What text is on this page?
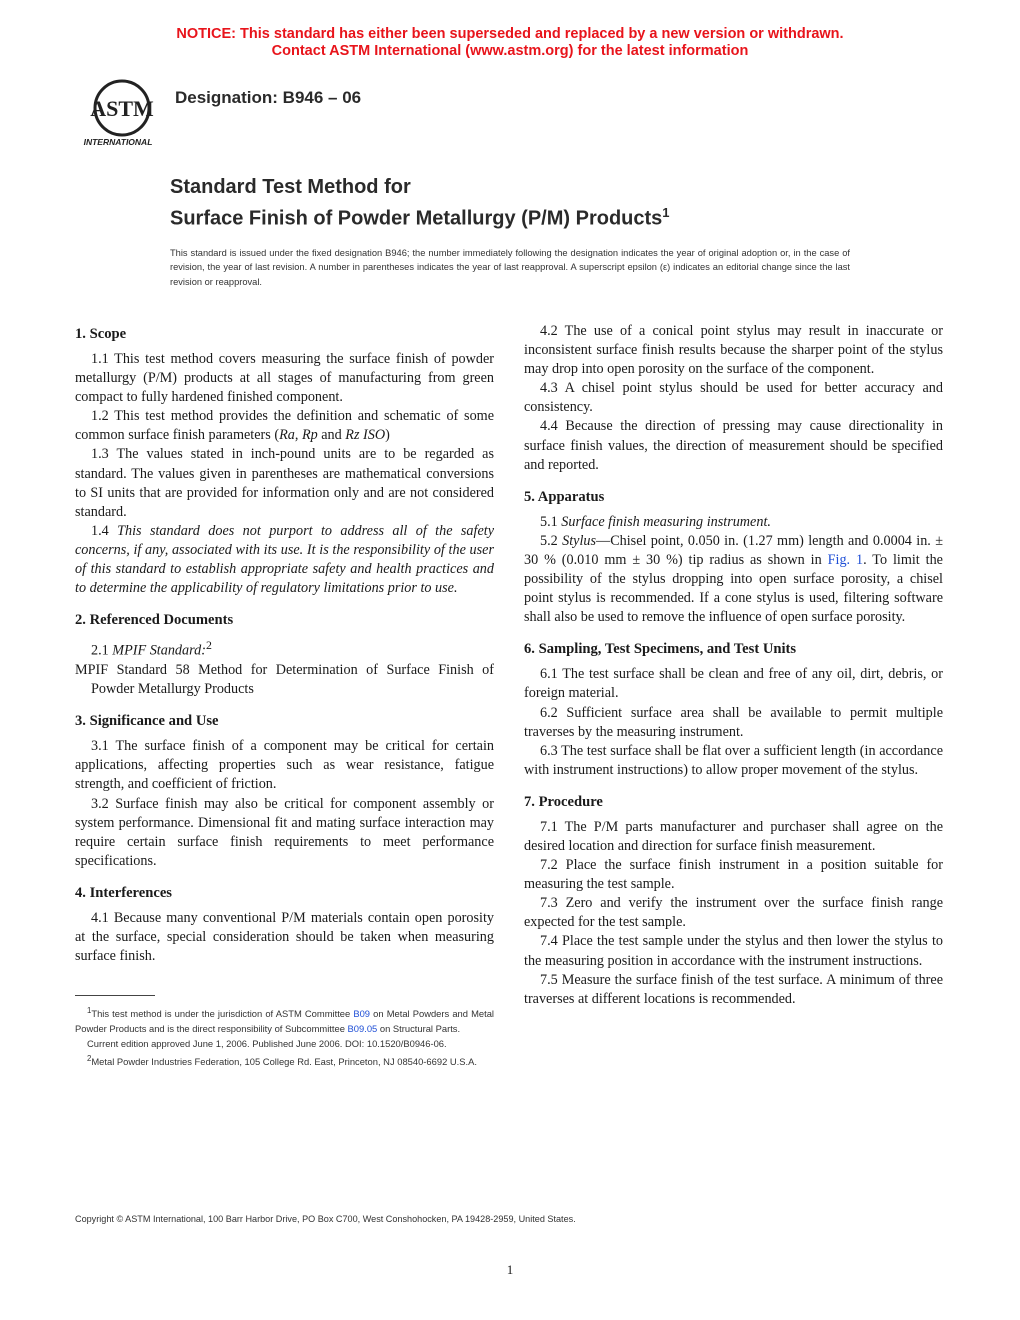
NOTICE: This standard has either been superseded and replaced by a new version or withdrawn.
Contact ASTM International (www.astm.org) for the latest information
ASTM
INTERNATIONAL
Designation: B946 – 06
Standard Test Method for
Surface Finish of Powder Metallurgy (P/M) Products$^1$
This standard is issued under the fixed designation B946; the number immediately following the designation indicates the year of original adoption or, in the case of revision, the year of last revision. A number in parentheses indicates the year of last reapproval. A superscript epsilon (ε) indicates an editorial change since the last revision or reapproval.
1. Scope

1.1 This test method covers measuring the surface finish of powder metallurgy (P/M) products at all stages of manufacturing from green compact to fully hardened finished component.

1.2 This test method provides the definition and schematic of some common surface finish parameters (Ra, Rp and Rz ISO)

1.3 The values stated in inch-pound units are to be regarded as standard. The values given in parentheses are mathematical conversions to SI units that are provided for information only and are not considered standard.

1.4 This standard does not purport to address all of the safety concerns, if any, associated with its use. It is the responsibility of the user of this standard to establish appropriate safety and health practices and to determine the applicability of regulatory limitations prior to use.

2. Referenced Documents

2.1 MPIF Standard:$^2$

MPIF Standard 58 Method for Determination of Surface Finish of Powder Metallurgy Products

3. Significance and Use

3.1 The surface finish of a component may be critical for certain applications, affecting properties such as wear resistance, fatigue strength, and coefficient of friction.

3.2 Surface finish may also be critical for component assembly or system performance. Dimensional fit and mating surface interaction may require certain surface finish requirements to meet performance specifications.

4. Interferences

4.1 Because many conventional P/M materials contain open porosity at the surface, special consideration should be taken when measuring surface finish.

4.2 The use of a conical point stylus may result in inaccurate or inconsistent surface finish results because the sharper point of the stylus may drop into open porosity on the surface of the component.

4.3 A chisel point stylus should be used for better accuracy and consistency.

4.4 Because the direction of pressing may cause directionality in surface finish values, the direction of measurement should be specified and reported.

5. Apparatus

5.1 Surface finish measuring instrument.

5.2 Stylus—Chisel point, 0.050 in. (1.27 mm) length and 0.0004 in. ± 30 % (0.010 mm ± 30 %) tip radius as shown in Fig. 1. To limit the possibility of the stylus dropping into open surface porosity, a chisel point stylus is recommended. If a cone stylus is used, filtering software shall also be used to remove the influence of open surface porosity.

6. Sampling, Test Specimens, and Test Units

6.1 The test surface shall be clean and free of any oil, dirt, debris, or foreign material.

6.2 Sufficient surface area shall be available to permit multiple traverses by the measuring instrument.

6.3 The test surface shall be flat over a sufficient length (in accordance with instrument instructions) to allow proper movement of the stylus.

7. Procedure

7.1 The P/M parts manufacturer and purchaser shall agree on the desired location and direction for surface finish measurement.

7.2 Place the surface finish instrument in a position suitable for measuring the test sample.

7.3 Zero and verify the instrument over the surface finish range expected for the test sample.

7.4 Place the test sample under the stylus and then lower the stylus to the measuring position in accordance with the instrument instructions.

7.5 Measure the surface finish of the test surface. A minimum of three traverses at different locations is recommended.

$^1$This test method is under the jurisdiction of ASTM Committee B09 on Metal Powders and Metal Powder Products and is the direct responsibility of Subcommittee B09.05 on Structural Parts.

Current edition approved June 1, 2006. Published June 2006. DOI: 10.1520/B0946-06.

$^2$Metal Powder Industries Federation, 105 College Rd. East, Princeton, NJ 08540-6692 U.S.A.

Copyright © ASTM International, 100 Barr Harbor Drive, PO Box C700, West Conshohocken, PA 19428-2959, United States.
1
